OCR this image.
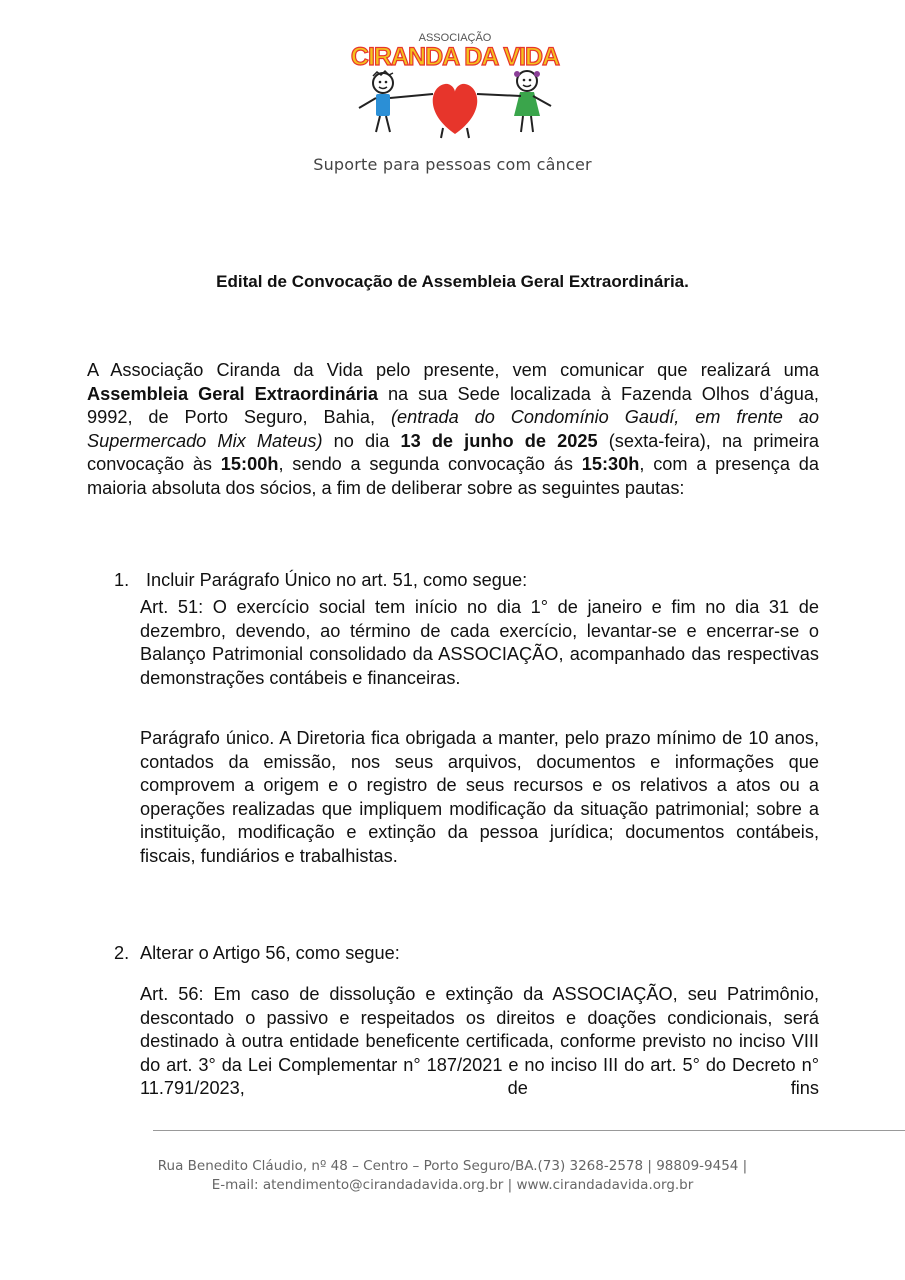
ASSOCIAÇÃO
CIRANDA DA VIDA
Suporte para pessoas com câncer
Edital de Convocação de Assembleia Geral Extraordinária.

A Associação Ciranda da Vida pelo presente, vem comunicar que realizará uma Assembleia Geral Extraordinária na sua Sede localizada à Fazenda Olhos d’água, 9992, de Porto Seguro, Bahia, (entrada do Condomínio Gaudí, em frente ao Supermercado Mix Mateus) no dia 13 de junho de 2025 (sexta-feira), na primeira convocação às 15:00h, sendo a segunda convocação ás 15:30h, com a presença da maioria absoluta dos sócios, a fim de deliberar sobre as seguintes pautas:

1. Incluir Parágrafo Único no art. 51, como segue:

Art. 51: O exercício social tem início no dia 1° de janeiro e fim no dia 31 de dezembro, devendo, ao término de cada exercício, levantar-se e encerrar-se o Balanço Patrimonial consolidado da ASSOCIAÇÃO, acompanhado das respectivas demonstrações contábeis e financeiras.

Parágrafo único. A Diretoria fica obrigada a manter, pelo prazo mínimo de 10 anos, contados da emissão, nos seus arquivos, documentos e informações que comprovem a origem e o registro de seus recursos e os relativos a atos ou a operações realizadas que impliquem modificação da situação patrimonial; sobre a instituição, modificação e extinção da pessoa jurídica; documentos contábeis, fiscais, fundiários e trabalhistas.

2. Alterar o Artigo 56, como segue:

Art. 56: Em caso de dissolução e extinção da ASSOCIAÇÃO, seu Patrimônio, descontado o passivo e respeitados os direitos e doações condicionais, será destinado à outra entidade beneficente certificada, conforme previsto no inciso VIII do art. 3° da Lei Complementar n° 187/2021 e no inciso III do art. 5° do Decreto n° 11.791/2023, de fins

Rua Benedito Cláudio, nº 48 – Centro – Porto Seguro/BA.(73) 3268-2578 | 98809-9454 |
E-mail: atendimento@cirandadavida.org.br | www.cirandadavida.org.br
